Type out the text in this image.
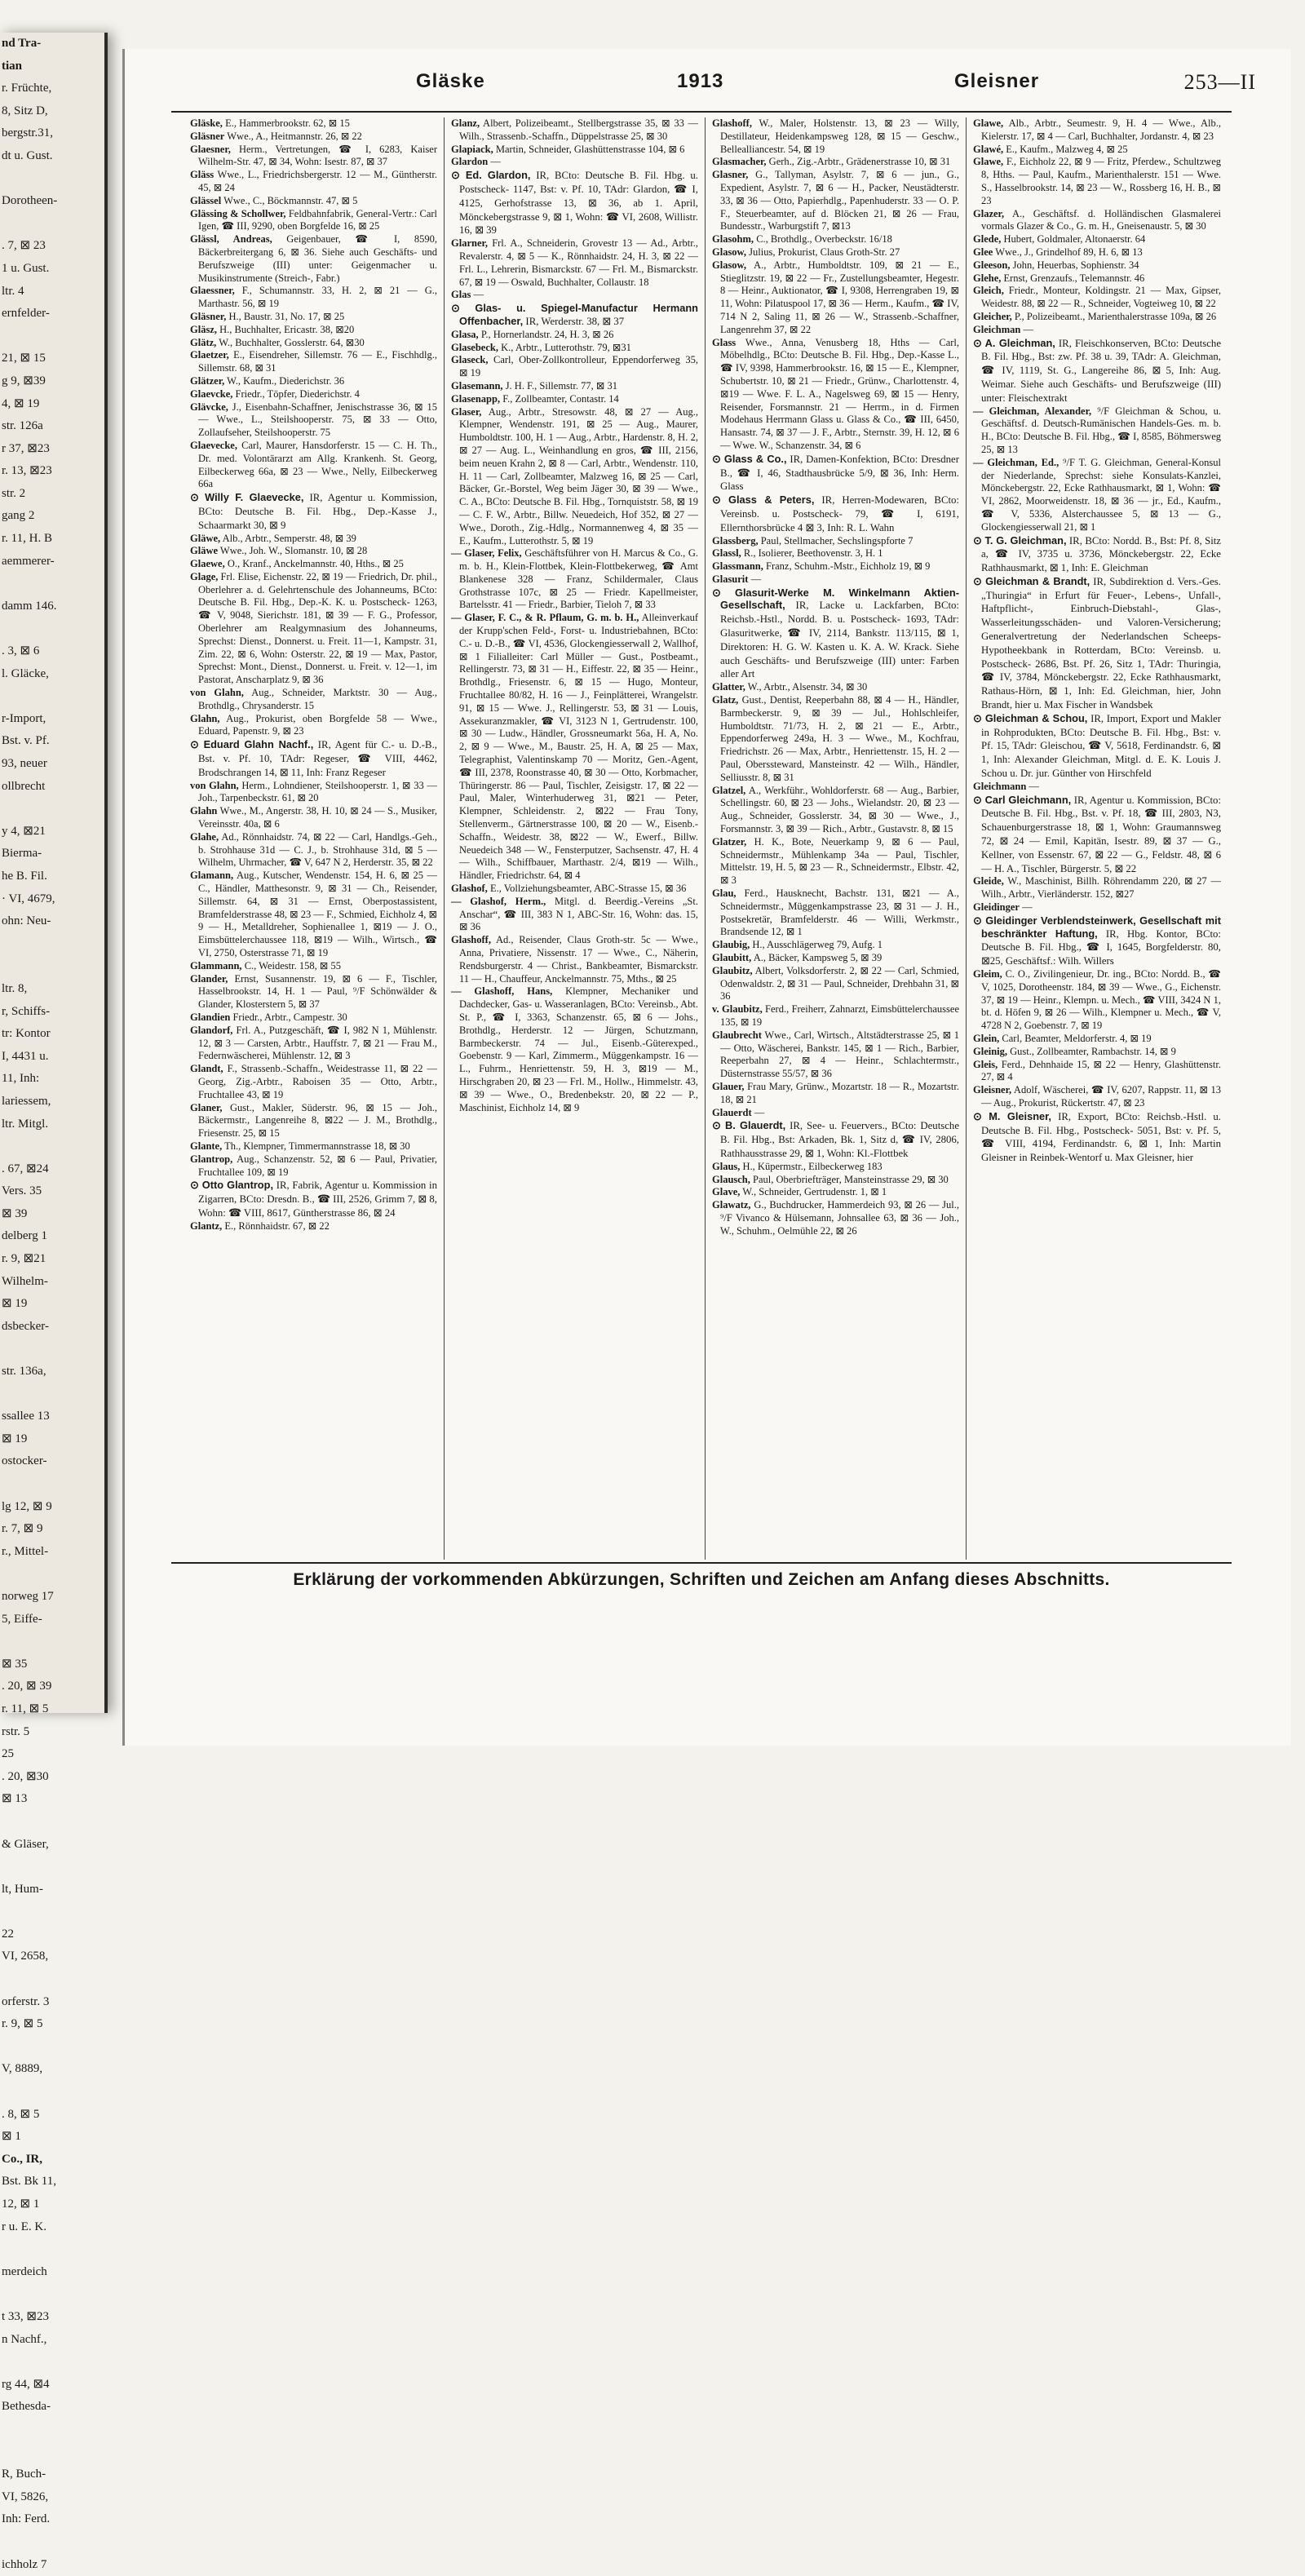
nd Tra-
tian
r. Früchte,
8, Sitz D,
bergstr.31,
dt u. Gust.

Dorotheen-

. 7, ⊠ 23
1 u. Gust.
ltr. 4
ernfelder-

21, ⊠ 15
g 9, ⊠39
4, ⊠ 19
str. 126a
r 37, ⊠23
r. 13, ⊠23
str. 2
gang 2
r. 11, H. B
aemmerer-

damm 146.

. 3, ⊠ 6
l. Gläcke,

r-Import,
Bst. v. Pf.
93, neuer
ollbrecht

y 4, ⊠21
Bierma-
he B. Fil.
· VI, 4679,
ohn: Neu-

ltr. 8,
r, Schiffs-
tr: Kontor
I, 4431 u.
11, Inh:
lariessem,
ltr. Mitgl.

. 67, ⊠24
Vers. 35
⊠ 39
delberg 1
r. 9, ⊠21
Wilhelm-
⊠ 19
dsbecker-

str. 136a,

ssallee 13
⊠ 19
ostocker-

lg 12, ⊠ 9
r. 7, ⊠ 9
r., Mittel-

norweg 17
5, Eiffe-

⊠ 35
. 20, ⊠ 39
r. 11, ⊠ 5
rstr. 5
25
. 20, ⊠30
⊠ 13

& Gläser,

lt, Hum-

22
VI, 2658,

orferstr. 3
r. 9, ⊠ 5

V, 8889,

. 8, ⊠ 5
⊠ 1
Co., IR,
Bst. Bk 11,
12, ⊠ 1
r u. E. K.

merdeich

t 33, ⊠23
n Nachf.,

rg 44, ⊠4
Bethesda-

R, Buch-
VI, 5826,
Inh: Ferd.

ichholz 7
Gläske	1913	Gleisner	253—II
Gläske, E., Hammerbrookstr. 62, ⊠ 15
Gläsner Wwe., A., Heitmannstr. 26, ⊠ 22
Glaesner, Herm., Vertretungen, ☎ I, 6283, Kaiser Wilhelm-Str. 47, ⊠ 34, Wohn: Isestr. 87, ⊠ 37
Gläss Wwe., L., Friedrichsbergerstr. 12 — M., Güntherstr. 45, ⊠ 24
Glässel Wwe., C., Böckmannstr. 47, ⊠ 5
Glässing & Schollwer, Feldbahnfabrik, General-Vertr.: Carl Igen, ☎ III, 9290, oben Borgfelde 16, ⊠ 25
Glässl, Andreas, Geigenbauer, ☎ I, 8590, Bäckerbreitergang 6, ⊠ 36. Siehe auch Geschäfts- und Berufszweige (III) unter: Geigenmacher u. Musikinstrumente (Streich-, Fabr.)
Glaessner, F., Schumannstr. 33, H. 2, ⊠ 21 — G., Marthastr. 56, ⊠ 19
Gläsner, H., Baustr. 31, No. 17, ⊠ 25
Gläsz, H., Buchhalter, Ericastr. 38, ⊠20
Glätz, W., Buchhalter, Gosslerstr. 64, ⊠30
Glaetzer, E., Eisendreher, Sillemstr. 76 — E., Fischhdlg., Sillemstr. 68, ⊠ 31
Glätzer, W., Kaufm., Diederichstr. 36
Glaevcke, Friedr., Töpfer, Diederichstr. 4
Glävcke, J., Eisenbahn-Schaffner, Jenischstrasse 36, ⊠ 15 — Wwe., L., Steilshooperstr. 75, ⊠ 33 — Otto, Zollaufseher, Steilshooperstr. 75
Glaevecke, Carl, Maurer, Hansdorferstr. 15 — C. H. Th., Dr. med. Volontärarzt am Allg. Krankenh. St. Georg, Eilbeckerweg 66a, ⊠ 23 — Wwe., Nelly, Eilbeckerweg 66a
⊙ Willy F. Glaevecke, IR, Agentur u. Kommission, BCto: Deutsche B. Fil. Hbg., Dep.-Kasse J., Schaarmarkt 30, ⊠ 9
Gläwe, Alb., Arbtr., Semperstr. 48, ⊠ 39
Gläwe Wwe., Joh. W., Slomanstr. 10, ⊠ 28
Glaewe, O., Kranf., Anckelmannstr. 40, Hths., ⊠ 25
Glage, Frl. Elise, Eichenstr. 22, ⊠ 19 — Friedrich, Dr. phil., Oberlehrer a. d. Gelehrtenschule des Johanneums, BCto: Deutsche B. Fil. Hbg., Dep.-K. K. u. Postscheck- 1263, ☎ V, 9048, Sierichstr. 181, ⊠ 39 — F. G., Professor, Oberlehrer am Realgymnasium des Johanneums, Sprechst: Dienst., Donnerst. u. Freit. 11—1, Kampstr. 31, Zim. 22, ⊠ 6, Wohn: Osterstr. 22, ⊠ 19 — Max, Pastor, Sprechst: Mont., Dienst., Donnerst. u. Freit. v. 12—1, im Pastorat, Anscharplatz 9, ⊠ 36
von Glahn, Aug., Schneider, Marktstr. 30 — Aug., Brothdlg., Chrysanderstr. 15
Glahn, Aug., Prokurist, oben Borgfelde 58 — Wwe., Eduard, Papenstr. 9, ⊠ 23
⊙ Eduard Glahn Nachf., IR, Agent für C.- u. D.-B., Bst. v. Pf. 10, TAdr: Regeser, ☎ VIII, 4462, Brodschrangen 14, ⊠ 11, Inh: Franz Regeser
von Glahn, Herm., Lohndiener, Steilshooperstr. 1, ⊠ 33 — Joh., Tarpenbeckstr. 61, ⊠ 20
Glahn Wwe., M., Angerstr. 38, H. 10, ⊠ 24 — S., Musiker, Vereinsstr. 40a, ⊠ 6
Glahe, Ad., Rönnhaidstr. 74, ⊠ 22 — Carl, Handlgs.-Geh., b. Strohhause 31d — C. J., b. Strohhause 31d, ⊠ 5 — Wilhelm, Uhrmacher, ☎ V, 647 N 2, Herderstr. 35, ⊠ 22
Glamann, Aug., Kutscher, Wendenstr. 154, H. 6, ⊠ 25 — C., Händler, Matthesonstr. 9, ⊠ 31 — Ch., Reisender, Sillemstr. 64, ⊠ 31 — Ernst, Oberpostassistent, Bramfelderstrasse 48, ⊠ 23 — F., Schmied, Eichholz 4, ⊠ 9 — H., Metalldreher, Sophienallee 1, ⊠19 — J. O., Eimsbüttelerchaussee 118, ⊠19 — Wilh., Wirtsch., ☎ VI, 2750, Osterstrasse 71, ⊠ 19
Glammann, C., Weidestr. 158, ⊠ 55
Glander, Ernst, Susannenstr. 19, ⊠ 6 — F., Tischler, Hasselbrookstr. 14, H. 1 — Paul, ⁹/F Schönwälder & Glander, Klosterstern 5, ⊠ 37
Glandien Friedr., Arbtr., Campestr. 30
Glandorf, Frl. A., Putzgeschäft, ☎ I, 982 N 1, Mühlenstr. 12, ⊠ 3 — Carsten, Arbtr., Hauffstr. 7, ⊠ 21 — Frau M., Federnwäscherei, Mühlenstr. 12, ⊠ 3
Glandt, F., Strassenb.-Schaffn., Weidestrasse 11, ⊠ 22 — Georg, Zig.-Arbtr., Raboisen 35 — Otto, Arbtr., Fruchtallee 43, ⊠ 19
Glaner, Gust., Makler, Süderstr. 96, ⊠ 15 — Joh., Bäckermstr., Langenreihe 8, ⊠22 — J. M., Brothdlg., Friesenstr. 25, ⊠ 15
Glante, Th., Klempner, Timmermannstrasse 18, ⊠ 30
Glantrop, Aug., Schanzenstr. 52, ⊠ 6 — Paul, Privatier, Fruchtallee 109, ⊠ 19
⊙ Otto Glantrop, IR, Fabrik, Agentur u. Kommission in Zigarren, BCto: Dresdn. B., ☎ III, 2526, Grimm 7, ⊠ 8, Wohn: ☎ VIII, 8617, Güntherstrasse 86, ⊠ 24
Glantz, E., Rönnhaidstr. 67, ⊠ 22
Glanz, Albert, Polizeibeamt., Stellbergstrasse 35, ⊠ 33 — Wilh., Strassenb.-Schaffn., Düppelstrasse 25, ⊠ 30
Glapiack, Martin, Schneider, Glashüttenstrasse 104, ⊠ 6
Glardon —
⊙ Ed. Glardon, IR, BCto: Deutsche B. Fil. Hbg. u. Postscheck- 1147, Bst: v. Pf. 10, TAdr: Glardon, ☎ I, 4125, Gerhofstrasse 13, ⊠ 36, ab 1. April, Mönckebergstrasse 9, ⊠ 1, Wohn: ☎ VI, 2608, Willistr. 16, ⊠ 39
Glarner, Frl. A., Schneiderin, Grovestr 13 — Ad., Arbtr., Revalerstr. 4, ⊠ 5 — K., Rönnhaidstr. 24, H. 3, ⊠ 22 — Frl. L., Lehrerin, Bismarckstr. 67 — Frl. M., Bismarckstr. 67, ⊠ 19 — Oswald, Buchhalter, Collaustr. 18
Glas —
⊙ Glas- u. Spiegel-Manufactur Hermann Offenbacher, IR, Werderstr. 38, ⊠ 37
Glasa, P., Hornerlandstr. 24, H. 3, ⊠ 26
Glasebeck, K., Arbtr., Lutterothstr. 79, ⊠31
Glaseck, Carl, Ober-Zollkontrolleur, Eppendorferweg 35, ⊠ 19
Glasemann, J. H. F., Sillemstr. 77, ⊠ 31
Glasenapp, F., Zollbeamter, Contastr. 14
Glaser, Aug., Arbtr., Stresowstr. 48, ⊠ 27 — Aug., Klempner, Wendenstr. 191, ⊠ 25 — Aug., Maurer, Humboldtstr. 100, H. 1 — Aug., Arbtr., Hardenstr. 8, H. 2, ⊠ 27 — Aug. L., Weinhandlung en gros, ☎ III, 2156, beim neuen Krahn 2, ⊠ 8 — Carl, Arbtr., Wendenstr. 110, H. 11 — Carl, Zollbeamter, Malzweg 16, ⊠ 25 — Carl, Bäcker, Gr.-Borstel, Weg beim Jäger 30, ⊠ 39 — Wwe., C. A., BCto: Deutsche B. Fil. Hbg., Tornquiststr. 58, ⊠ 19 — C. F. W., Arbtr., Billw. Neuedeich, Hof 352, ⊠ 27 — Wwe., Doroth., Zig.-Hdlg., Normannenweg 4, ⊠ 35 — E., Kaufm., Lutterothstr. 5, ⊠ 19
— Glaser, Felix, Geschäftsführer von H. Marcus & Co., G. m. b. H., Klein-Flottbek, Klein-Flottbekerweg, ☎ Amt Blankenese 328 — Franz, Schildermaler, Claus Grothstrasse 107c, ⊠ 25 — Friedr. Kapellmeister, Bartelsstr. 41 — Friedr., Barbier, Tieloh 7, ⊠ 33
— Glaser, F. C., & R. Pflaum, G. m. b. H., Alleinverkauf der Krupp'schen Feld-, Forst- u. Industriebahnen, BCto: C.- u. D.-B., ☎ VI, 4536, Glockengiesserwall 2, Wallhof, ⊠ 1 Filialleiter: Carl Müller — Gust., Postbeamt., Rellingerstr. 73, ⊠ 31 — H., Eiffestr. 22, ⊠ 35 — Heinr., Brothdlg., Friesenstr. 6, ⊠ 15 — Hugo, Monteur, Fruchtallee 80/82, H. 16 — J., Feinplätterei, Wrangelstr. 91, ⊠ 15 — Wwe. J., Rellingerstr. 53, ⊠ 31 — Louis, Assekuranzmakler, ☎ VI, 3123 N 1, Gertrudenstr. 100, ⊠ 30 — Ludw., Händler, Grossneumarkt 56a, H. A, No. 2, ⊠ 9 — Wwe., M., Baustr. 25, H. A, ⊠ 25 — Max, Telegraphist, Valentinskamp 70 — Moritz, Gen.-Agent, ☎ III, 2378, Roonstrasse 40, ⊠ 30 — Otto, Korbmacher, Thüringerstr. 86 — Paul, Tischler, Zeisigstr. 17, ⊠ 22 — Paul, Maler, Winterhuderweg 31, ⊠21 — Peter, Klempner, Schleidenstr. 2, ⊠22 — Frau Tony, Stellenverm., Gärtnerstrasse 100, ⊠ 20 — W., Eisenb.-Schaffn., Weidestr. 38, ⊠22 — W., Ewerf., Billw. Neuedeich 348 — W., Fensterputzer, Sachsenstr. 47, H. 4 — Wilh., Schiffbauer, Marthastr. 2/4, ⊠19 — Wilh., Händler, Friedrichstr. 64, ⊠ 4
Glashof, E., Vollziehungsbeamter, ABC-Strasse 15, ⊠ 36
— Glashof, Herm., Mitgl. d. Beerdig.-Vereins „St. Anschar“, ☎ III, 383 N 1, ABC-Str. 16, Wohn: das. 15, ⊠ 36
Glashoff, Ad., Reisender, Claus Groth-str. 5c — Wwe., Anna, Privatiere, Nissenstr. 17 — Wwe., C., Näherin, Rendsburgerstr. 4 — Christ., Bankbeamter, Bismarckstr. 11 — H., Chauffeur, Anckelmannstr. 75, Mths., ⊠ 25
— Glashoff, Hans, Klempner, Mechaniker und Dachdecker, Gas- u. Wasseranlagen, BCto: Vereinsb., Abt. St. P., ☎ I, 3363, Schanzenstr. 65, ⊠ 6 — Johs., Brothdlg., Herderstr. 12 — Jürgen, Schutzmann, Barmbeckerstr. 74 — Jul., Eisenb.-Güterexped., Goebenstr. 9 — Karl, Zimmerm., Müggenkampstr. 16 — L., Fuhrm., Henriettenstr. 59, H. 3, ⊠19 — M., Hirschgraben 20, ⊠ 23 — Frl. M., Hollw., Himmelstr. 43, ⊠ 39 — Wwe., O., Bredenbekstr. 20, ⊠ 22 — P., Maschinist, Eichholz 14, ⊠ 9
Glashoff, W., Maler, Holstenstr. 13, ⊠ 23 — Willy, Destillateur, Heidenkampsweg 128, ⊠ 15 — Geschw., Belleallianсestr. 54, ⊠ 19
Glasmacher, Gerh., Zig.-Arbtr., Grädenerstrasse 10, ⊠ 31
Glasner, G., Tallyman, Asylstr. 7, ⊠ 6 — jun., G., Expedient, Asylstr. 7, ⊠ 6 — H., Packer, Neustädterstr. 33, ⊠ 36 — Otto, Papierhdlg., Papenhuderstr. 33 — O. P. F., Steuerbeamter, auf d. Blöcken 21, ⊠ 26 — Frau, Bundesstr., Warburgstift 7, ⊠13
Glasohm, C., Brothdlg., Overbeckstr. 16/18
Glasow, Julius, Prokurist, Claus Groth-Str. 27
Glasow, A., Arbtr., Humboldtstr. 109, ⊠ 21 — E., Stieglitzstr. 19, ⊠ 22 — Fr., Zustellungsbeamter, Hegestr. 8 — Heinr., Auktionator, ☎ I, 9308, Herrengraben 19, ⊠ 11, Wohn: Pilatuspool 17, ⊠ 36 — Herm., Kaufm., ☎ IV, 714 N 2, Saling 11, ⊠ 26 — W., Strassenb.-Schaffner, Langenrehm 37, ⊠ 22
Glass Wwe., Anna, Venusberg 18, Hths — Carl, Möbelhdlg., BCto: Deutsche B. Fil. Hbg., Dep.-Kasse L., ☎ IV, 9398, Hammerbrookstr. 16, ⊠ 15 — E., Klempner, Schubertstr. 10, ⊠ 21 — Friedr., Grünw., Charlottenstr. 4, ⊠19 — Wwe. F. L. A., Nagelsweg 69, ⊠ 15 — Henry, Reisender, Forsmannstr. 21 — Herrm., in d. Firmen Modehaus Herrmann Glass u. Glass & Co., ☎ III, 6450, Hansastr. 74, ⊠ 37 — J. F., Arbtr., Sternstr. 39, H. 12, ⊠ 6 — Wwe. W., Schanzenstr. 34, ⊠ 6
⊙ Glass & Co., IR, Damen-Konfektion, BCto: Dresdner B., ☎ I, 46, Stadthausbrücke 5/9, ⊠ 36, Inh: Herm. Glass
⊙ Glass & Peters, IR, Herren-Modewaren, BCto: Vereinsb. u. Postscheck- 79, ☎ I, 6191, Ellernthorsbrücke 4 ⊠ 3, Inh: R. L. Wahn
Glassberg, Paul, Stellmacher, Sechslingspforte 7
Glassl, R., Isolierer, Beethovenstr. 3, H. 1
Glassmann, Franz, Schuhm.-Mstr., Eichholz 19, ⊠ 9
Glasurit —
⊙ Glasurit-Werke M. Winkelmann Aktien-Gesellschaft, IR, Lacke u. Lackfarben, BCto: Reichsb.-Hstl., Nordd. B. u. Postscheck- 1693, TAdr: Glasuritwerke, ☎ IV, 2114, Bankstr. 113/115, ⊠ 1, Direktoren: H. G. W. Kasten u. K. A. W. Krack. Siehe auch Geschäfts- und Berufszweige (III) unter: Farben aller Art
Glatter, W., Arbtr., Alsenstr. 34, ⊠ 30
Glatz, Gust., Dentist, Reeperbahn 88, ⊠ 4 — H., Händler, Barmbeckerstr. 9, ⊠ 39 — Jul., Hohlschleifer, Humboldtstr. 71/73, H. 2, ⊠ 21 — E., Arbtr., Eppendorferweg 249a, H. 3 — Wwe., M., Kochfrau, Friedrichstr. 26 — Max, Arbtr., Henriettenstr. 15, H. 2 — Paul, Oberssteward, Mansteinstr. 42 — Wilh., Händler, Selliusstr. 8, ⊠ 31
Glatzel, A., Werkführ., Wohldorferstr. 68 — Aug., Barbier, Schellingstr. 60, ⊠ 23 — Johs., Wielandstr. 20, ⊠ 23 — Aug., Schneider, Gosslerstr. 34, ⊠ 30 — Wwe., J., Forsmannstr. 3, ⊠ 39 — Rich., Arbtr., Gustavstr. 8, ⊠ 15
Glatzer, H. K., Bote, Neuerkamp 9, ⊠ 6 — Paul, Schneidermstr., Mühlenkamp 34a — Paul, Tischler, Mittelstr. 19, H. 5, ⊠ 23 — R., Schneidermstr., Elbstr. 42, ⊠ 3
Glau, Ferd., Hausknecht, Bachstr. 131, ⊠21 — A., Schneidermstr., Müggenkampstrasse 23, ⊠ 31 — J. H., Postsekretär, Bramfelderstr. 46 — Willi, Werkmstr., Brandsende 12, ⊠ 1
Glaubig, H., Ausschlägerweg 79, Aufg. 1
Glaubitt, A., Bäcker, Kampsweg 5, ⊠ 39
Glaubitz, Albert, Volksdorferstr. 2, ⊠ 22 — Carl, Schmied, Odenwaldstr. 2, ⊠ 31 — Paul, Schneider, Drehbahn 31, ⊠ 36
v. Glaubitz, Ferd., Freiherr, Zahnarzt, Eimsbüttelerchaussee 135, ⊠ 19
Glaubrecht Wwe., Carl, Wirtsch., Altstädterstrasse 25, ⊠ 1 — Otto, Wäscherei, Bankstr. 145, ⊠ 1 — Rich., Barbier, Reeperbahn 27, ⊠ 4 — Heinr., Schlachtermstr., Düsternstrasse 55/57, ⊠ 36
Glauer, Frau Mary, Grünw., Mozartstr. 18 — R., Mozartstr. 18, ⊠ 21
Glauerdt —
⊙ B. Glauerdt, IR, See- u. Feuervers., BCto: Deutsche B. Fil. Hbg., Bst: Arkaden, Bk. 1, Sitz d, ☎ IV, 2806, Rathhausstrasse 29, ⊠ 1, Wohn: Kl.-Flottbek
Glaus, H., Küpermstr., Eilbeckerweg 183
Glausch, Paul, Oberbriefträger, Mansteinstrasse 29, ⊠ 30
Glave, W., Schneider, Gertrudenstr. 1, ⊠ 1
Glawatz, G., Buchdrucker, Hammerdeich 93, ⊠ 26 — Jul., ⁹/F Vivanco & Hülsemann, Johnsallee 63, ⊠ 36 — Joh., W., Schuhm., Oelmühle 22, ⊠ 26
Glawe, Alb., Arbtr., Seumestr. 9, H. 4 — Wwe., Alb., Kielerstr. 17, ⊠ 4 — Carl, Buchhalter, Jordanstr. 4, ⊠ 23
Glawé, E., Kaufm., Malzweg 4, ⊠ 25
Glawe, F., Eichholz 22, ⊠ 9 — Fritz, Pferdew., Schultzweg 8, Hths. — Paul, Kaufm., Marienthalerstr. 151 — Wwe. S., Hasselbrookstr. 14, ⊠ 23 — W., Rossberg 16, H. B., ⊠ 23
Glazer, A., Geschäftsf. d. Holländischen Glasmalerei vormals Glazer & Co., G. m. H., Gneisenaustr. 5, ⊠ 30
Glede, Hubert, Goldmaler, Altonaerstr. 64
Glee Wwe., J., Grindelhof 89, H. 6, ⊠ 13
Gleeson, John, Heuerbas, Sophienstr. 34
Glehe, Ernst, Grenzaufs., Telemannstr. 46
Gleich, Friedr., Monteur, Koldingstr. 21 — Max, Gipser, Weidestr. 88, ⊠ 22 — R., Schneider, Vogteiweg 10, ⊠ 22
Gleicher, P., Polizeibeamt., Marienthalerstrasse 109a, ⊠ 26
Gleichman —
⊙ A. Gleichman, IR, Fleischkonserven, BCto: Deutsche B. Fil. Hbg., Bst: zw. Pf. 38 u. 39, TAdr: A. Gleichman, ☎ IV, 1119, St. G., Langereihe 86, ⊠ 5, Inh: Aug. Weimar. Siehe auch Geschäfts- und Berufszweige (III) unter: Fleischextrakt
— Gleichman, Alexander, ⁹/F Gleichman & Schou, u. Geschäftsf. d. Deutsch-Rumänischen Handels-Ges. m. b. H., BCto: Deutsche B. Fil. Hbg., ☎ I, 8585, Böhmersweg 25, ⊠ 13
— Gleichman, Ed., ⁹/F T. G. Gleichman, General-Konsul der Niederlande, Sprechst: siehe Konsulats-Kanzlei, Mönckebergstr. 22, Ecke Rathhausmarkt, ⊠ 1, Wohn: ☎ VI, 2862, Moorweidenstr. 18, ⊠ 36 — jr., Ed., Kaufm., ☎ V, 5336, Alsterchaussee 5, ⊠ 13 — G., Glockengiesserwall 21, ⊠ 1
⊙ T. G. Gleichman, IR, BCto: Nordd. B., Bst: Pf. 8, Sitz a, ☎ IV, 3735 u. 3736, Mönckebergstr. 22, Ecke Rathhausmarkt, ⊠ 1, Inh: E. Gleichman
⊙ Gleichman & Brandt, IR, Subdirektion d. Vers.-Ges. „Thuringia“ in Erfurt für Feuer-, Lebens-, Unfall-, Haftpflicht-, Einbruch-Diebstahl-, Glas-, Wasserleitungsschäden- und Valoren-Versicherung; Generalvertretung der Nederlandschen Scheeps-Hypotheekbank in Rotterdam, BCto: Vereinsb. u. Postscheck- 2686, Bst. Pf. 26, Sitz 1, TAdr: Thuringia, ☎ IV, 3784, Mönckebergstr. 22, Ecke Rathhausmarkt, Rathaus-Hörn, ⊠ 1, Inh: Ed. Gleichman, hier, John Brandt, hier u. Max Fischer in Wandsbek
⊙ Gleichman & Schou, IR, Import, Export und Makler in Rohprodukten, BCto: Deutsche B. Fil. Hbg., Bst: v. Pf. 15, TAdr: Gleischou, ☎ V, 5618, Ferdinandstr. 6, ⊠ 1, Inh: Alexander Gleichman, Mitgl. d. E. K. Louis J. Schou u. Dr. jur. Günther von Hirschfeld
Gleichmann —
⊙ Carl Gleichmann, IR, Agentur u. Kommission, BCto: Deutsche B. Fil. Hbg., Bst. v. Pf. 18, ☎ III, 2803, N3, Schauenburgerstrasse 18, ⊠ 1, Wohn: Graumannsweg 72, ⊠ 24 — Emil, Kapitän, Isestr. 89, ⊠ 37 — G., Kellner, von Essenstr. 67, ⊠ 22 — G., Feldstr. 48, ⊠ 6 — H. A., Tischler, Bürgerstr. 5, ⊠ 22
Gleide, W., Maschinist, Billh. Röhrendamm 220, ⊠ 27 — Wilh., Arbtr., Vierländerstr. 152, ⊠27
Gleidinger —
⊙ Gleidinger Verblendsteinwerk, Gesellschaft mit beschränkter Haftung, IR, Hbg. Kontor, BCto: Deutsche B. Fil. Hbg., ☎ I, 1645, Borgfelderstr. 80, ⊠25, Geschäftsf.: Wilh. Willers
Gleim, C. O., Zivilingenieur, Dr. ing., BCto: Nordd. B., ☎ V, 1025, Dorotheenstr. 184, ⊠ 39 — Wwe., G., Eichenstr. 37, ⊠ 19 — Heinr., Klempn. u. Mech., ☎ VIII, 3424 N 1, bt. d. Höfen 9, ⊠ 26 — Wilh., Klempner u. Mech., ☎ V, 4728 N 2, Goebenstr. 7, ⊠ 19
Glein, Carl, Beamter, Meldorferstr. 4, ⊠ 19
Gleinig, Gust., Zollbeamter, Rambachstr. 14, ⊠ 9
Gleis, Ferd., Dehnhaide 15, ⊠ 22 — Henry, Glashüttenstr. 27, ⊠ 4
Gleisner, Adolf, Wäscherei, ☎ IV, 6207, Rappstr. 11, ⊠ 13 — Aug., Prokurist, Rückertstr. 47, ⊠ 23
⊙ M. Gleisner, IR, Export, BCto: Reichsb.-Hstl. u. Deutsche B. Fil. Hbg., Postscheck- 5051, Bst: v. Pf. 5, ☎ VIII, 4194, Ferdinandstr. 6, ⊠ 1, Inh: Martin Gleisner in Reinbek-Wentorf u. Max Gleisner, hier
Erklärung der vorkommenden Abkürzungen, Schriften und Zeichen am Anfang dieses Abschnitts.
